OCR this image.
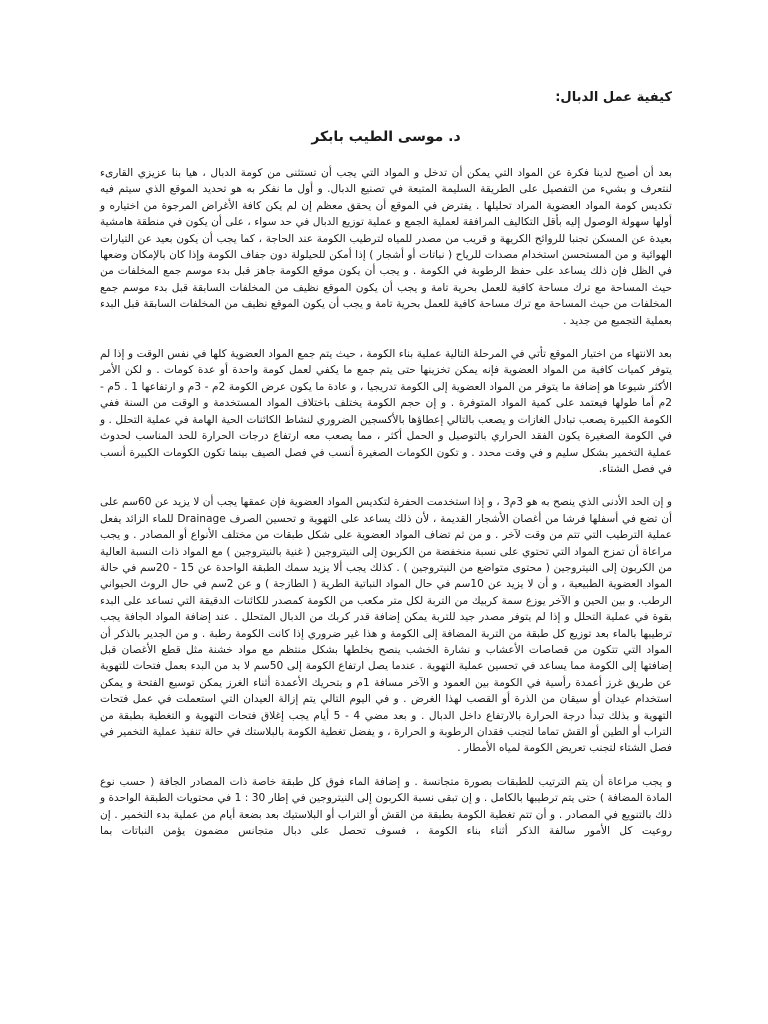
كيفية عمل الدبال:
د. موسى الطيب بابكر

بعد أن أصبح لدينا فكرة عن المواد التي يمكن أن تدخل و المواد التي يجب أن تستثنى من كومة الدبال ، هيا بنا عزيزي القارىء لنتعرف و بشيء من التفصيل على الطريقة السليمة المتبعة في تصنيع الدبال. و أول ما نفكر به هو تحديد الموقع الذي سيتم فيه تكديس كومة المواد العضوية المراد تحليلها . يفترض في الموقع أن يحقق معظم إن لم يكن كافة الأغراض المرجوة من اختياره و أولها سهولة الوصول إليه بأقل التكاليف المرافقة لعملية الجمع و عملية توزيع الدبال في حد سواء ، على أن يكون في منطقة هامشية بعيدة عن المسكن تجنبا للروائح الكريهة و قريب من مصدر للمياه لترطيب الكومة عند الحاجة ، كما يجب أن يكون بعيد عن التيارات الهوائية و من المستحسن استخدام مصدات للرياح ( نباتات أو أشجار ) إذا أمكن للحيلولة دون جفاف الكومة وإذا كان بالإمكان وضعها في الظل فإن ذلك يساعد على حفظ الرطوبة في الكومة . و يجب أن يكون موقع الكومة جاهز قبل بدء موسم جمع المخلفات من حيث المساحة مع ترك مساحة كافية للعمل بحرية تامة و يجب أن يكون الموقع نظيف من المخلفات السابقة قبل بدء موسم جمع المخلفات من حيث المساحة مع ترك مساحة كافية للعمل بحرية تامة و يجب أن يكون الموقع نظيف من المخلفات السابقة قبل البدء بعملية التجميع من جديد .

بعد الانتهاء من اختيار الموقع تأتي في المرحلة التالية عملية بناء الكومة ، حيث يتم جمع المواد العضوية كلها في نفس الوقت و إذا لم يتوفر كميات كافية من المواد العضوية فإنه يمكن تخزينها حتى يتم جمع ما يكفي لعمل كومة واحدة أو عدة كومات . و لكن الأمر الأكثر شيوعا هو إضافة ما يتوفر من المواد العضوية إلى الكومة تدريجيا ، و عادة ما يكون عرض الكومة 2م - 3م و ارتفاعها 1 . 5م - 2م أما طولها فيعتمد على كمية المواد المتوفرة . و إن حجم الكومة يختلف باختلاف المواد المستخدمة و الوقت من السنة ففي الكومة الكبيرة يصعب تبادل الغازات و يصعب بالتالي إعطاؤها بالأكسجين الضروري لنشاط الكائنات الحية الهامة في عملية التحلل . و في الكومة الصغيرة يكون الفقد الحراري بالتوصيل و الحمل أكثر ، مما يصعب معه ارتفاع درجات الحرارة للحد المناسب لحدوث عملية التخمير بشكل سليم و في وقت محدد . و تكون الكومات الصغيرة أنسب في فصل الصيف بينما تكون الكومات الكبيرة أنسب في فصل الشتاء.

و إن الحد الأدنى الذي ينصح به هو 3م3 ، و إذا استخدمت الحفرة لتكديس المواد العضوية فإن عمقها يجب أن لا يزيد عن 60سم على أن تضع في أسفلها فرشا من أغصان الأشجار القديمة ، لأن ذلك يساعد على التهوية و تحسين الصرف Drainage للماء الزائد يفعل عملية الترطيب التي تتم من وقت لآخر . و من ثم تضاف المواد العضوية على شكل طبقات من مختلف الأنواع أو المصادر . و يجب مراعاة أن تمزج المواد التي تحتوي على نسبة منخفضة من الكربون إلى النيتروجين ( غنية بالنيتروجين ) مع المواد ذات النسبة العالية من الكربون إلى النيتروجين ( محتوى متواضع من النيتروجين ) . كذلك يجب ألا يزيد سمك الطبقة الواحدة عن 15 - 20سم في حالة المواد العضوية الطبيعية ، و أن لا يزيد عن 10سم في حال المواد النباتية الطرية ( الطازجة ) و عن 2سم في حال الروث الحيواني الرطب. و بين الحين و الآخر يوزع سمة كربيك من التربة لكل متر مكعب من الكومة كمصدر للكائنات الدقيقة التي تساعد على البدء بقوة في عملية التحلل و إذا لم يتوفر مصدر جيد للتربة يمكن إضافة قدر كربك من الدبال المتحلل . عند إضافة المواد الجافة يجب ترطيبها بالماء بعد توزيع كل طبقة من التربة المضافة إلى الكومة و هذا غير ضروري إذا كانت الكومة رطبة . و من الجدير بالذكر أن المواد التي تتكون من قصاصات الأعشاب و نشارة الخشب ينصح بخلطها بشكل منتظم مع مواد خشنة مثل قطع الأغصان قبل إضافتها إلى الكومة مما يساعد في تحسين عملية التهوية . عندما يصل ارتفاع الكومة إلى 50سم لا بد من البدء بعمل فتحات للتهوية عن طريق غرز أعمدة رأسية في الكومة بين العمود و الآخر مسافة 1م و بتحريك الأعمدة أثناء الغرز يمكن توسيع الفتحة و يمكن استخدام عيدان أو سيقان من الذرة أو القصب لهذا الغرض . و في اليوم التالي يتم إزالة العيدان التي استعملت في عمل فتحات التهوية و بذلك تبدأ درجة الحرارة بالارتفاع داخل الدبال . و بعد مضي 4 - 5 أيام يجب إغلاق فتحات التهوية و التغطية بطبقة من التراب أو الطين أو القش تماما لتجنب فقدان الرطوبة و الحرارة ، و يفضل تغطية الكومة بالبلاستك في حالة تنفيذ عملية التخمير في فصل الشتاء لتجنب تعريض الكومة لمياه الأمطار .

و يجب مراعاة أن يتم الترتيب للطبقات بصورة متجانسة . و إضافة الماء فوق كل طبقة خاصة ذات المصادر الجافة ( حسب نوع المادة المضافة ) حتى يتم ترطيبها بالكامل . و إن تبقى نسبة الكربون إلى النيتروجين في إطار 30 : 1 في محتويات الطبقة الواحدة و ذلك بالتنويع في المصادر . و أن تتم تغطية الكومة بطبقة من القش أو التراب أو البلاستيك بعد بضعة أيام من عملية بدء التخمير . إن روعيت كل الأمور سالفة الذكر أثناء بناء الكومة ، فسوف تحصل على دبال متجانس مضمون يؤمن النباتات بما
